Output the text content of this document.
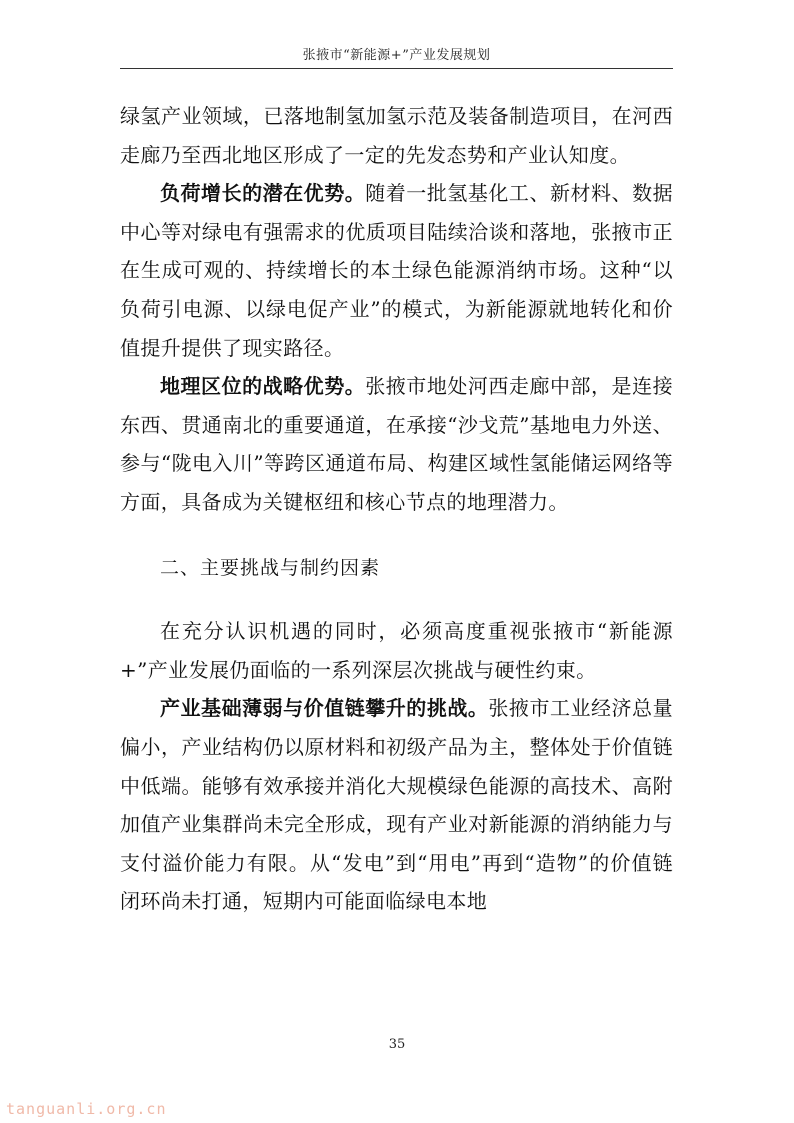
张掖市“新能源+”产业发展规划

绿氢产业领域，已落地制氢加氢示范及装备制造项目，在河西走廊乃至西北地区形成了一定的先发态势和产业认知度。

负荷增长的潜在优势。随着一批氢基化工、新材料、数据中心等对绿电有强需求的优质项目陆续洽谈和落地，张掖市正在生成可观的、持续增长的本土绿色能源消纳市场。这种“以负荷引电源、以绿电促产业”的模式，为新能源就地转化和价值提升提供了现实路径。

地理区位的战略优势。张掖市地处河西走廊中部，是连接东西、贯通南北的重要通道，在承接“沙戈荒”基地电力外送、参与“陇电入川”等跨区通道布局、构建区域性氢能储运网络等方面，具备成为关键枢纽和核心节点的地理潜力。

二、主要挑战与制约因素

在充分认识机遇的同时，必须高度重视张掖市“新能源+”产业发展仍面临的一系列深层次挑战与硬性约束。

产业基础薄弱与价值链攀升的挑战。张掖市工业经济总量偏小，产业结构仍以原材料和初级产品为主，整体处于价值链中低端。能够有效承接并消化大规模绿色能源的高技术、高附加值产业集群尚未完全形成，现有产业对新能源的消纳能力与支付溢价能力有限。从“发电”到“用电”再到“造物”的价值链闭环尚未打通，短期内可能面临绿电本地

35
tanguanli.org.cn
